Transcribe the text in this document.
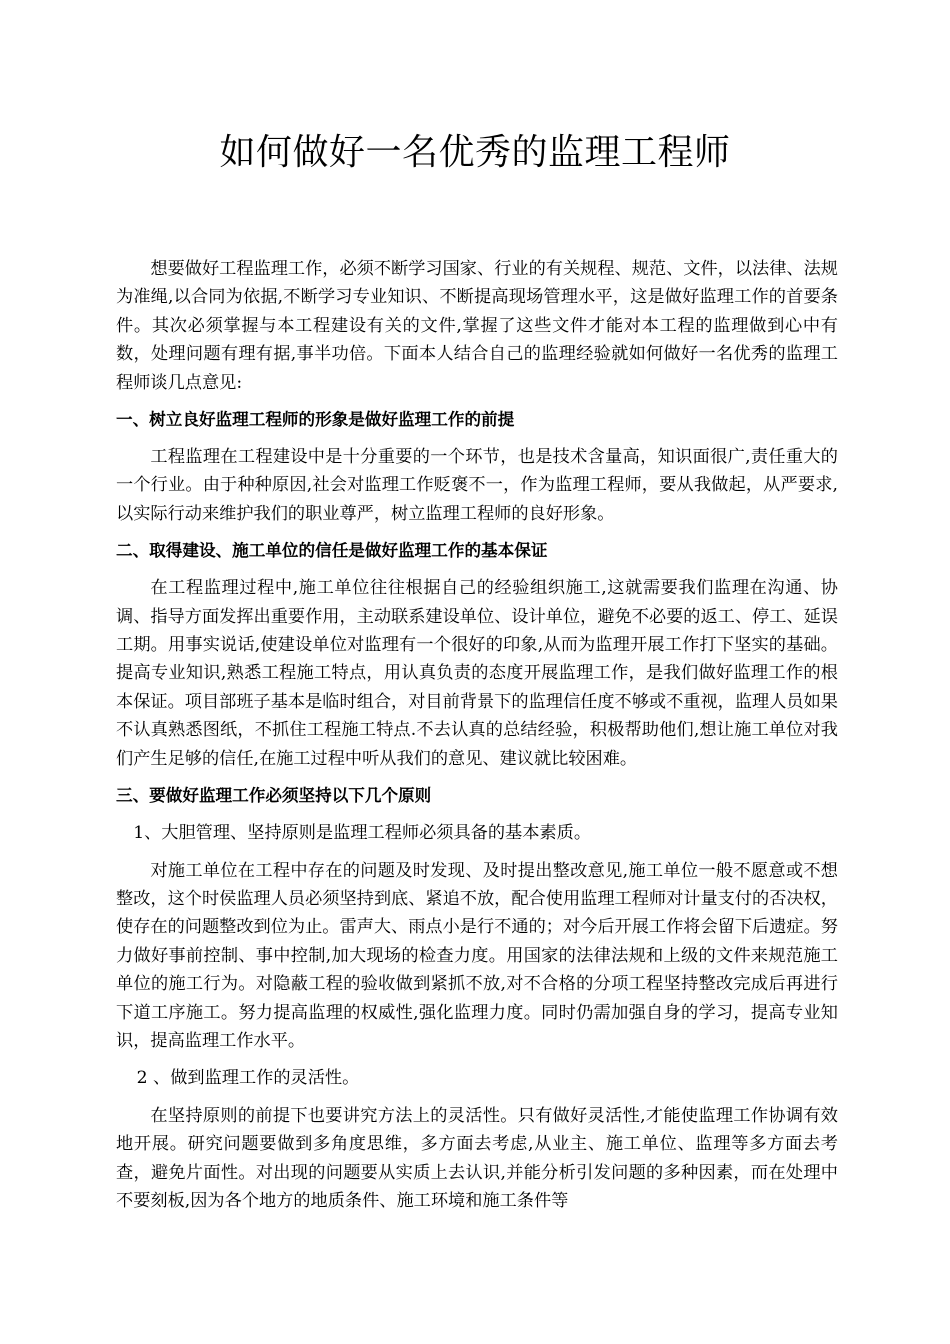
如何做好一名优秀的监理工程师

想要做好工程监理工作，必须不断学习国家、行业的有关规程、规范、文件，以法律、法规为准绳,以合同为依据,不断学习专业知识、不断提高现场管理水平，这是做好监理工作的首要条件。其次必须掌握与本工程建设有关的文件,掌握了这些文件才能对本工程的监理做到心中有数，处理问题有理有据,事半功倍。下面本人结合自己的监理经验就如何做好一名优秀的监理工程师谈几点意见:

一、树立良好监理工程师的形象是做好监理工作的前提

工程监理在工程建设中是十分重要的一个环节，也是技术含量高，知识面很广,责任重大的一个行业。由于种种原因,社会对监理工作贬褒不一，作为监理工程师，要从我做起，从严要求,以实际行动来维护我们的职业尊严，树立监理工程师的良好形象。

二、取得建设、施工单位的信任是做好监理工作的基本保证

在工程监理过程中,施工单位往往根据自己的经验组织施工,这就需要我们监理在沟通、协调、指导方面发挥出重要作用，主动联系建设单位、设计单位，避免不必要的返工、停工、延误工期。用事实说话,使建设单位对监理有一个很好的印象,从而为监理开展工作打下坚实的基础。提高专业知识,熟悉工程施工特点，用认真负责的态度开展监理工作，是我们做好监理工作的根本保证。项目部班子基本是临时组合，对目前背景下的监理信任度不够或不重视，监理人员如果不认真熟悉图纸，不抓住工程施工特点.不去认真的总结经验，积极帮助他们,想让施工单位对我们产生足够的信任,在施工过程中听从我们的意见、建议就比较困难。

三、要做好监理工作必须坚持以下几个原则

1、大胆管理、坚持原则是监理工程师必须具备的基本素质。

对施工单位在工程中存在的问题及时发现、及时提出整改意见,施工单位一般不愿意或不想整改，这个时侯监理人员必须坚持到底、紧追不放，配合使用监理工程师对计量支付的否决权，使存在的问题整改到位为止。雷声大、雨点小是行不通的；对今后开展工作将会留下后遗症。努力做好事前控制、事中控制,加大现场的检查力度。用国家的法律法规和上级的文件来规范施工单位的施工行为。对隐蔽工程的验收做到紧抓不放,对不合格的分项工程坚持整改完成后再进行下道工序施工。努力提高监理的权威性,强化监理力度。同时仍需加强自身的学习，提高专业知识，提高监理工作水平。

2 、做到监理工作的灵活性。

在坚持原则的前提下也要讲究方法上的灵活性。只有做好灵活性,才能使监理工作协调有效地开展。研究问题要做到多角度思维，多方面去考虑,从业主、施工单位、监理等多方面去考查，避免片面性。对出现的问题要从实质上去认识,并能分析引发问题的多种因素，而在处理中不要刻板,因为各个地方的地质条件、施工环境和施工条件等
